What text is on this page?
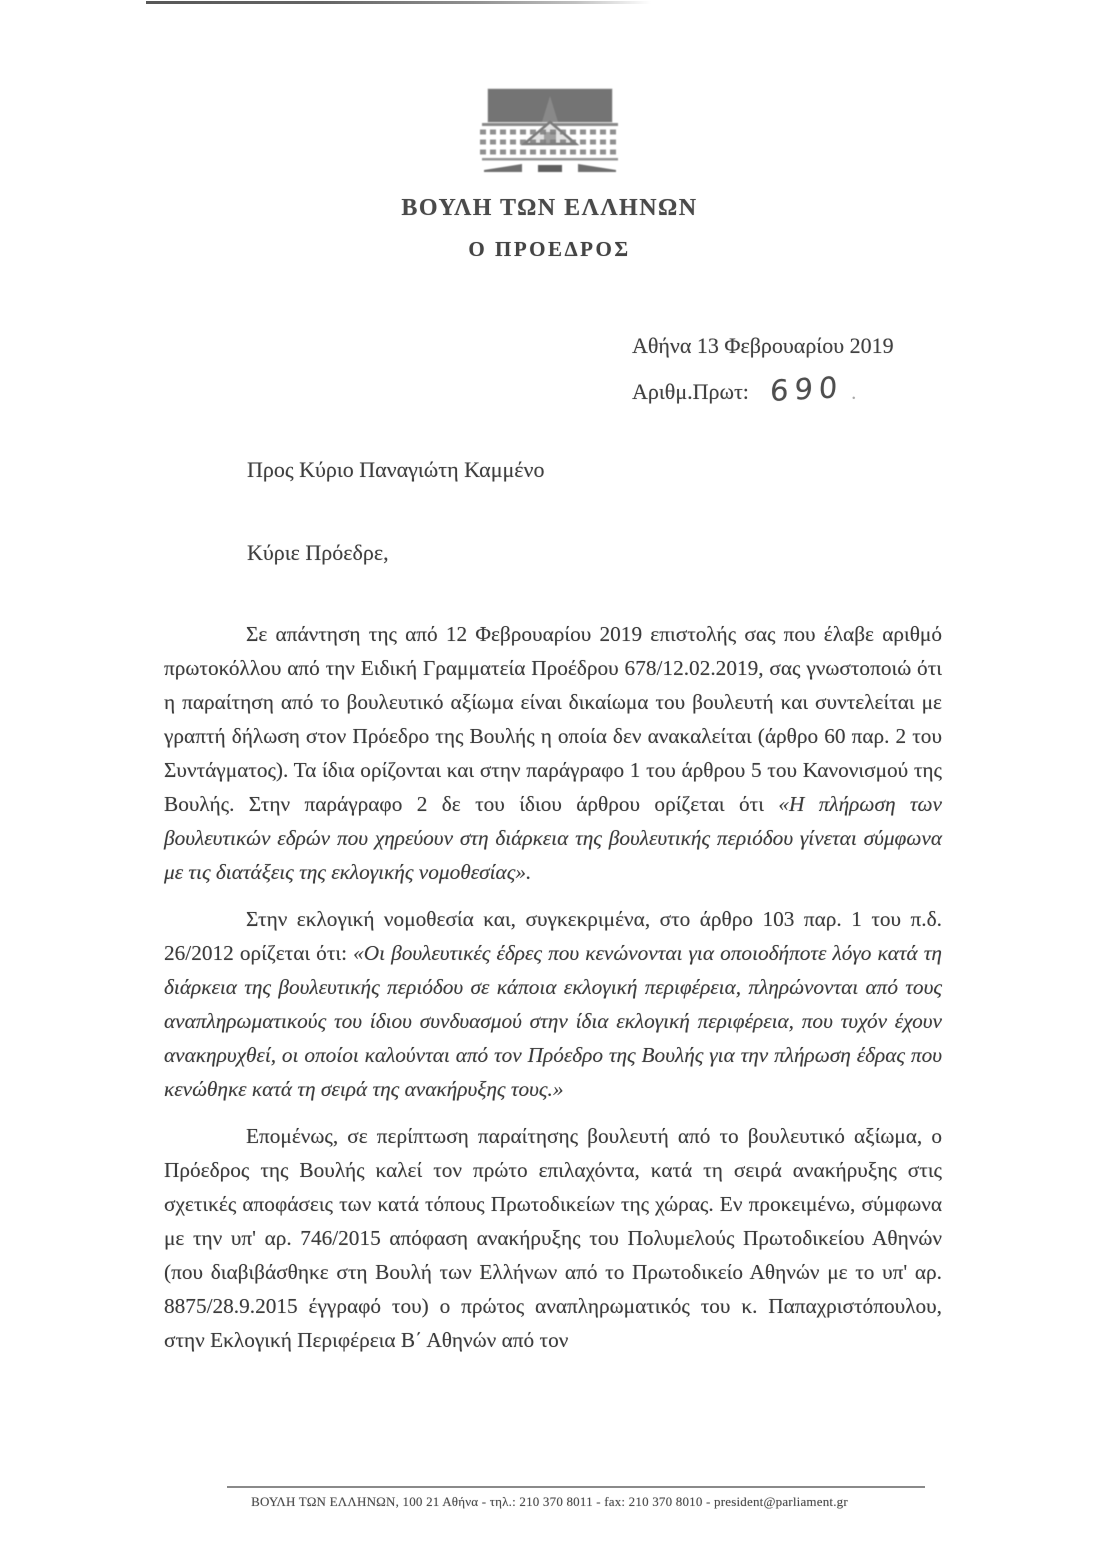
ΒΟΥΛΗ ΤΩΝ ΕΛΛΗΝΩΝ
Ο ΠΡΟΕΔΡΟΣ
Αθήνα 13 Φεβρουαρίου 2019
Αριθμ.Πρωτ: 690 .
Προς Κύριο Παναγιώτη Καμμένο
Κύριε Πρόεδρε,

Σε απάντηση της από 12 Φεβρουαρίου 2019 επιστολής σας που έλαβε αριθμό πρωτοκόλλου από την Ειδική Γραμματεία Προέδρου 678/12.02.2019, σας γνωστοποιώ ότι η παραίτηση από το βουλευτικό αξίωμα είναι δικαίωμα του βουλευτή και συντελείται με γραπτή δήλωση στον Πρόεδρο της Βουλής η οποία δεν ανακαλείται (άρθρο 60 παρ. 2 του Συντάγματος). Τα ίδια ορίζονται και στην παράγραφο 1 του άρθρου 5 του Κανονισμού της Βουλής. Στην παράγραφο 2 δε του ίδιου άρθρου ορίζεται ότι «Η πλήρωση των βουλευτικών εδρών που χηρεύουν στη διάρκεια της βουλευτικής περιόδου γίνεται σύμφωνα με τις διατάξεις της εκλογικής νομοθεσίας».

Στην εκλογική νομοθεσία και, συγκεκριμένα, στο άρθρο 103 παρ. 1 του π.δ. 26/2012 ορίζεται ότι: «Οι βουλευτικές έδρες που κενώνονται για οποιοδήποτε λόγο κατά τη διάρκεια της βουλευτικής περιόδου σε κάποια εκλογική περιφέρεια, πληρώνονται από τους αναπληρωματικούς του ίδιου συνδυασμού στην ίδια εκλογική περιφέρεια, που τυχόν έχουν ανακηρυχθεί, οι οποίοι καλούνται από τον Πρόεδρο της Βουλής για την πλήρωση έδρας που κενώθηκε κατά τη σειρά της ανακήρυξης τους.»

Επομένως, σε περίπτωση παραίτησης βουλευτή από το βουλευτικό αξίωμα, ο Πρόεδρος της Βουλής καλεί τον πρώτο επιλαχόντα, κατά τη σειρά ανακήρυξης στις σχετικές αποφάσεις των κατά τόπους Πρωτοδικείων της χώρας. Εν προκειμένω, σύμφωνα με την υπ' αρ. 746/2015 απόφαση ανακήρυξης του Πολυμελούς Πρωτοδικείου Αθηνών (που διαβιβάσθηκε στη Βουλή των Ελλήνων από το Πρωτοδικείο Αθηνών με το υπ' αρ. 8875/28.9.2015 έγγραφό του) ο πρώτος αναπληρωματικός του κ. Παπαχριστόπουλου, στην Εκλογική Περιφέρεια Β΄ Αθηνών από τον

ΒΟΥΛΗ ΤΩΝ ΕΛΛΗΝΩΝ, 100 21 Αθήνα - τηλ.: 210 370 8011 - fax: 210 370 8010 - president@parliament.gr
